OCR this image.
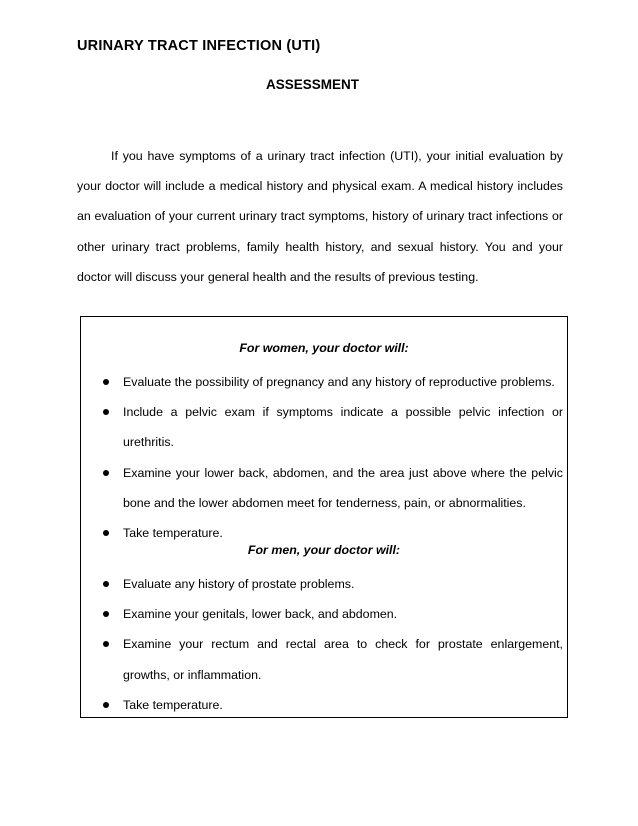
URINARY TRACT INFECTION (UTI)
ASSESSMENT

If you have symptoms of a urinary tract infection (UTI), your initial evaluation by your doctor will include a medical history and physical exam. A medical history includes an evaluation of your current urinary tract symptoms, history of urinary tract infections or other urinary tract problems, family health history, and sexual history. You and your doctor will discuss your general health and the results of previous testing.

For women, your doctor will:

Evaluate the possibility of pregnancy and any history of reproductive problems.
Include a pelvic exam if symptoms indicate a possible pelvic infection or urethritis.
Examine your lower back, abdomen, and the area just above where the pelvic bone and the lower abdomen meet for tenderness, pain, or abnormalities.
Take temperature.

For men, your doctor will:

Evaluate any history of prostate problems.
Examine your genitals, lower back, and abdomen.
Examine your rectum and rectal area to check for prostate enlargement, growths, or inflammation.
Take temperature.
